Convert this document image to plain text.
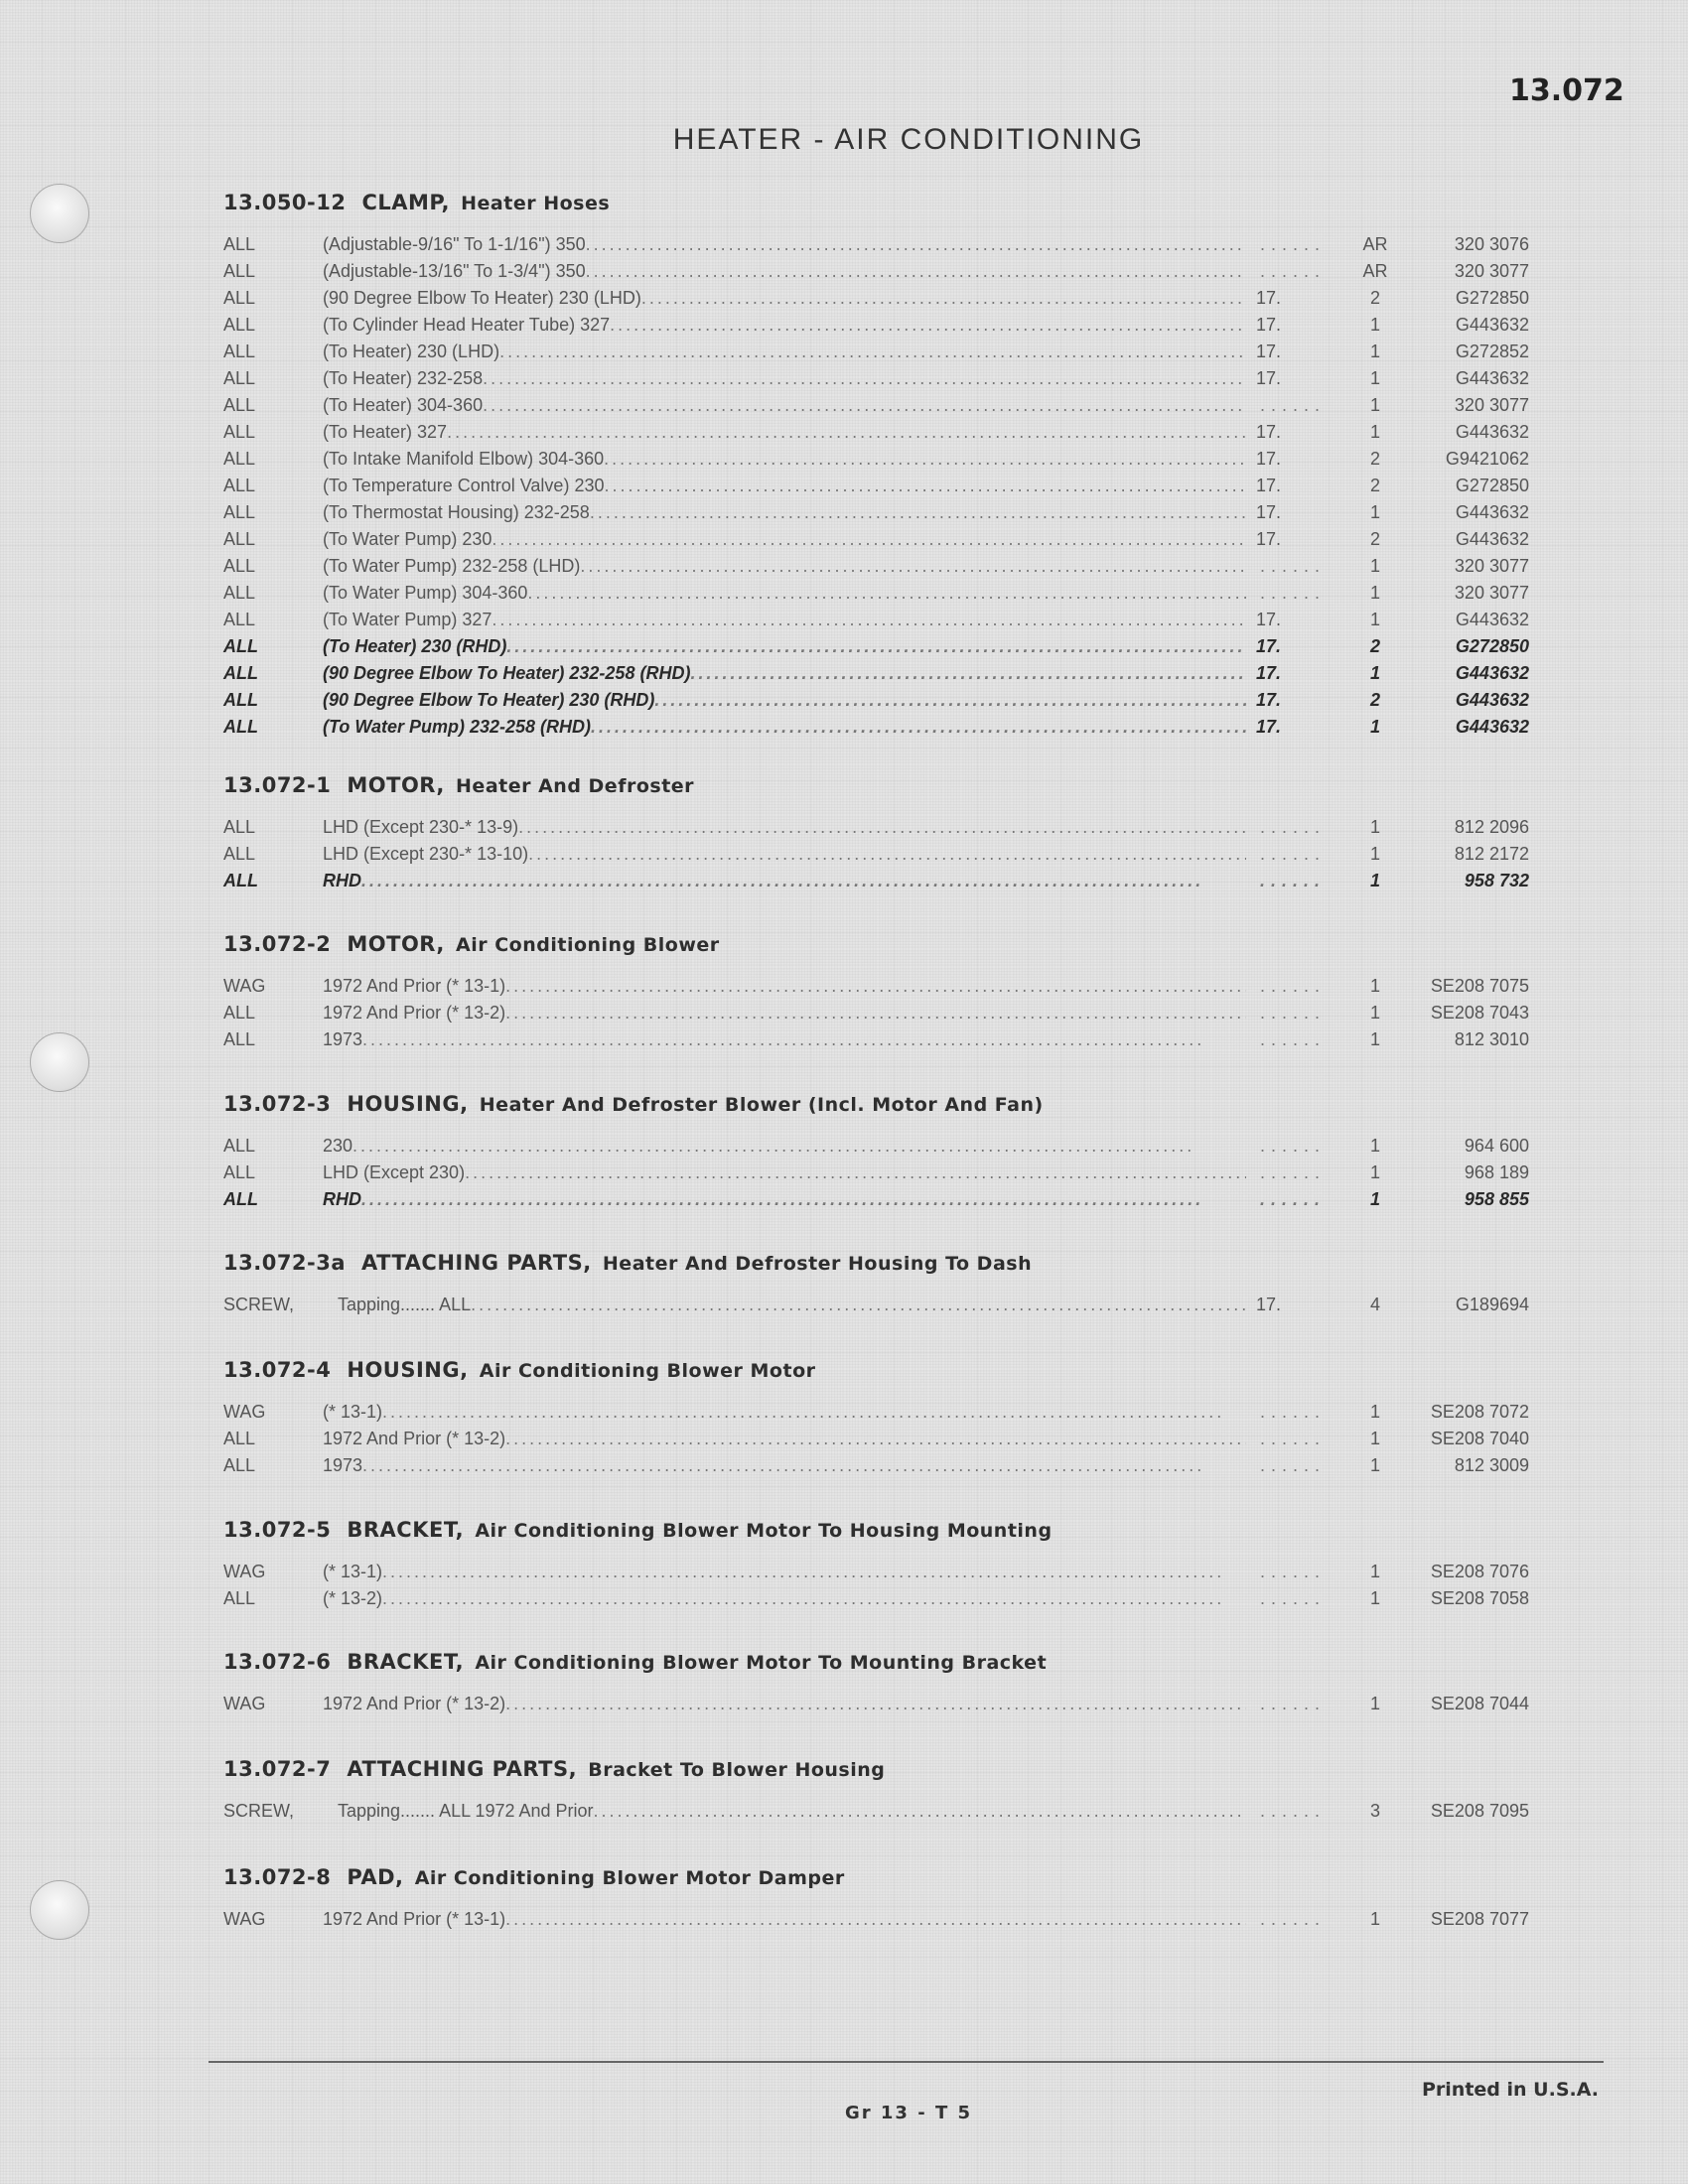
13.072
HEATER - AIR CONDITIONING
13.050-12 CLAMP, Heater Hoses
ALL	(Adjustable-9/16" To 1-1/16") 350 . . .	. . . . . .	AR	320 3076
ALL	(Adjustable-13/16" To 1-3/4") 350 . . .	. . . . . .	AR	320 3077
ALL	(90 Degree Elbow To Heater) 230 (LHD) . . .	17.	2	G272850
ALL	(To Cylinder Head Heater Tube) 327 . . .	17.	1	G443632
ALL	(To Heater) 230 (LHD) . . .	17.	1	G272852
ALL	(To Heater) 232-258 . . .	17.	1	G443632
ALL	(To Heater) 304-360 . . .	. . . . . .	1	320 3077
ALL	(To Heater) 327 . . .	17.	1	G443632
ALL	(To Intake Manifold Elbow) 304-360 . . .	17.	2	G9421062
ALL	(To Temperature Control Valve) 230 . . .	17.	2	G272850
ALL	(To Thermostat Housing) 232-258 . . .	17.	1	G443632
ALL	(To Water Pump) 230 . . .	17.	2	G443632
ALL	(To Water Pump) 232-258 (LHD) . . .	. . . . . .	1	320 3077
ALL	(To Water Pump) 304-360 . . .	. . . . . .	1	320 3077
ALL	(To Water Pump) 327 . . .	17.	1	G443632
ALL	(To Heater) 230 (RHD) . . .	17.	2	G272850
ALL	(90 Degree Elbow To Heater) 232-258 (RHD) . . .	17.	1	G443632
ALL	(90 Degree Elbow To Heater) 230 (RHD) . . .	17.	2	G443632
ALL	(To Water Pump) 232-258 (RHD) . . .	17.	1	G443632
13.072-1 MOTOR, Heater And Defroster
ALL	LHD (Except 230-* 13-9) . . .	. . . . . .	1	812 2096
ALL	LHD (Except 230-* 13-10) . . .	. . . . . .	1	812 2172
ALL	RHD . . .	. . . . . .	1	958 732
13.072-2 MOTOR, Air Conditioning Blower
WAG	1972 And Prior (* 13-1) . . .	. . . . . .	1	SE208 7075
ALL	1972 And Prior (* 13-2) . . .	. . . . . .	1	SE208 7043
ALL	1973 . . .	. . . . . .	1	812 3010
13.072-3 HOUSING, Heater And Defroster Blower (Incl. Motor And Fan)
ALL	230 . . .	. . . . . .	1	964 600
ALL	LHD (Except 230) . . .	. . . . . .	1	968 189
ALL	RHD . . .	. . . . . .	1	958 855
13.072-3a ATTACHING PARTS, Heater And Defroster Housing To Dash
SCREW,	Tapping....... ALL . . .	17.	4	G189694
13.072-4 HOUSING, Air Conditioning Blower Motor
WAG	(* 13-1) . . .	. . . . . .	1	SE208 7072
ALL	1972 And Prior (* 13-2) . . .	. . . . . .	1	SE208 7040
ALL	1973 . . .	. . . . . .	1	812 3009
13.072-5 BRACKET, Air Conditioning Blower Motor To Housing Mounting
WAG	(* 13-1) . . .	. . . . . .	1	SE208 7076
ALL	(* 13-2) . . .	. . . . . .	1	SE208 7058
13.072-6 BRACKET, Air Conditioning Blower Motor To Mounting Bracket
WAG	1972 And Prior (* 13-2) . . .	. . . . . .	1	SE208 7044
13.072-7 ATTACHING PARTS, Bracket To Blower Housing
SCREW,	Tapping....... ALL 1972 And Prior . . .	. . . . . .	3	SE208 7095
13.072-8 PAD, Air Conditioning Blower Motor Damper
WAG	1972 And Prior (* 13-1) . . .	. . . . . .	1	SE208 7077
Printed in U.S.A.
Gr 13 - T 5
